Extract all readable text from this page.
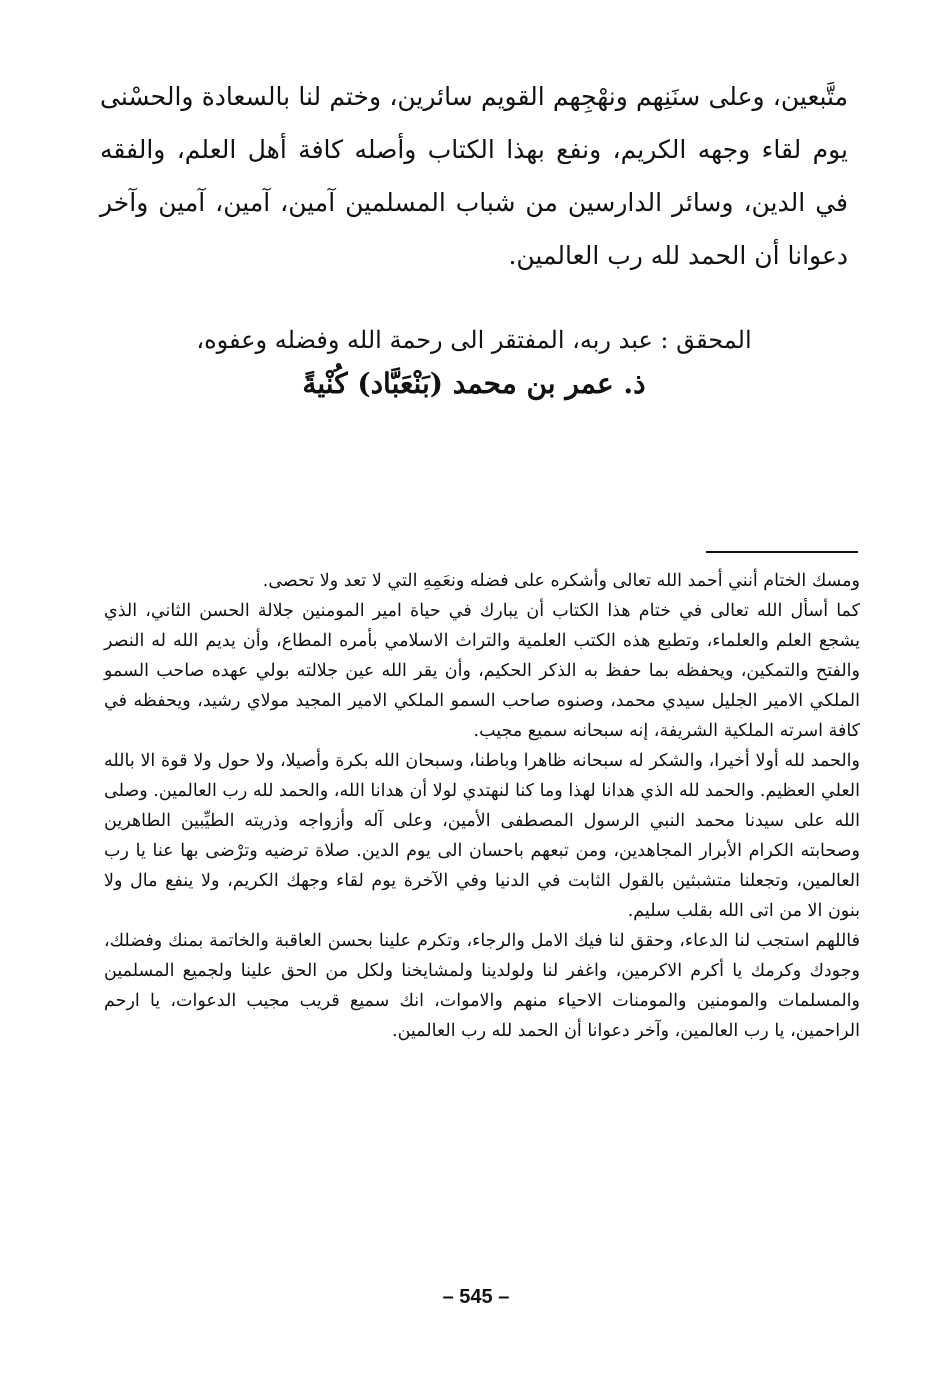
متَّبعين، وعلى سنَنِهم ونهْجِهم القويم سائرين، وختم لنا بالسعادة والحسْنى يوم لقاء وجهه الكريم، ونفع بهذا الكتاب وأصله كافة أهل العلم، والفقه في الدين، وسائر الدارسين من شباب المسلمين آمين، آمين، آمين وآخر دعوانا أن الحمد لله رب العالمين.

المحقق : عبد ربه، المفتقر الى رحمة الله وفضله وعفوه،
ذ. عمر بن محمد (بَنْعَبَّاد) كُنْيةً

ومسك الختام أنني أحمد الله تعالى وأشكره على فضله ونعَمِهِ التي لا تعد ولا تحصى.

كما أسأل الله تعالى في ختام هذا الكتاب أن يبارك في حياة امير المومنين جلالة الحسن الثاني، الذي يشجع العلم والعلماء، وتطبع هذه الكتب العلمية والتراث الاسلامي بأمره المطاع، وأن يديم الله له النصر والفتح والتمكين، ويحفظه بما حفظ به الذكر الحكيم، وأن يقر الله عين جلالته بولي عهده صاحب السمو الملكي الامير الجليل سيدي محمد، وصنوه صاحب السمو الملكي الامير المجيد مولاي رشيد، ويحفظه في كافة اسرته الملكية الشريفة، إنه سبحانه سميع مجيب.

والحمد لله أولا أخيرا، والشكر له سبحانه ظاهرا وباطنا، وسبحان الله بكرة وأصيلا، ولا حول ولا قوة الا بالله العلي العظيم. والحمد لله الذي هدانا لهذا وما كنا لنهتدي لولا أن هدانا الله، والحمد لله رب العالمين. وصلى الله على سيدنا محمد النبي الرسول المصطفى الأمين، وعلى آله وأزواجه وذريته الطيِّبين الطاهرين وصحابته الكرام الأبرار المجاهدين، ومن تبعهم باحسان الى يوم الدين. صلاة ترضيه وترْضى بها عنا يا رب العالمين، وتجعلنا متشبثين بالقول الثابت في الدنيا وفي الآخرة يوم لقاء وجهك الكريم، ولا ينفع مال ولا بنون الا من اتى الله بقلب سليم.

فاللهم استجب لنا الدعاء، وحقق لنا فيك الامل والرجاء، وتكرم علينا بحسن العاقبة والخاتمة بمنك وفضلك، وجودك وكرمك يا أكرم الاكرمين، واغفر لنا ولولدينا ولمشايخنا ولكل من الحق علينا ولجميع المسلمين والمسلمات والمومنين والمومنات الاحياء منهم والاموات، انك سميع قريب مجيب الدعوات، يا ارحم الراحمين، يا رب العالمين، وآخر دعوانا أن الحمد لله رب العالمين.

– 545 –
